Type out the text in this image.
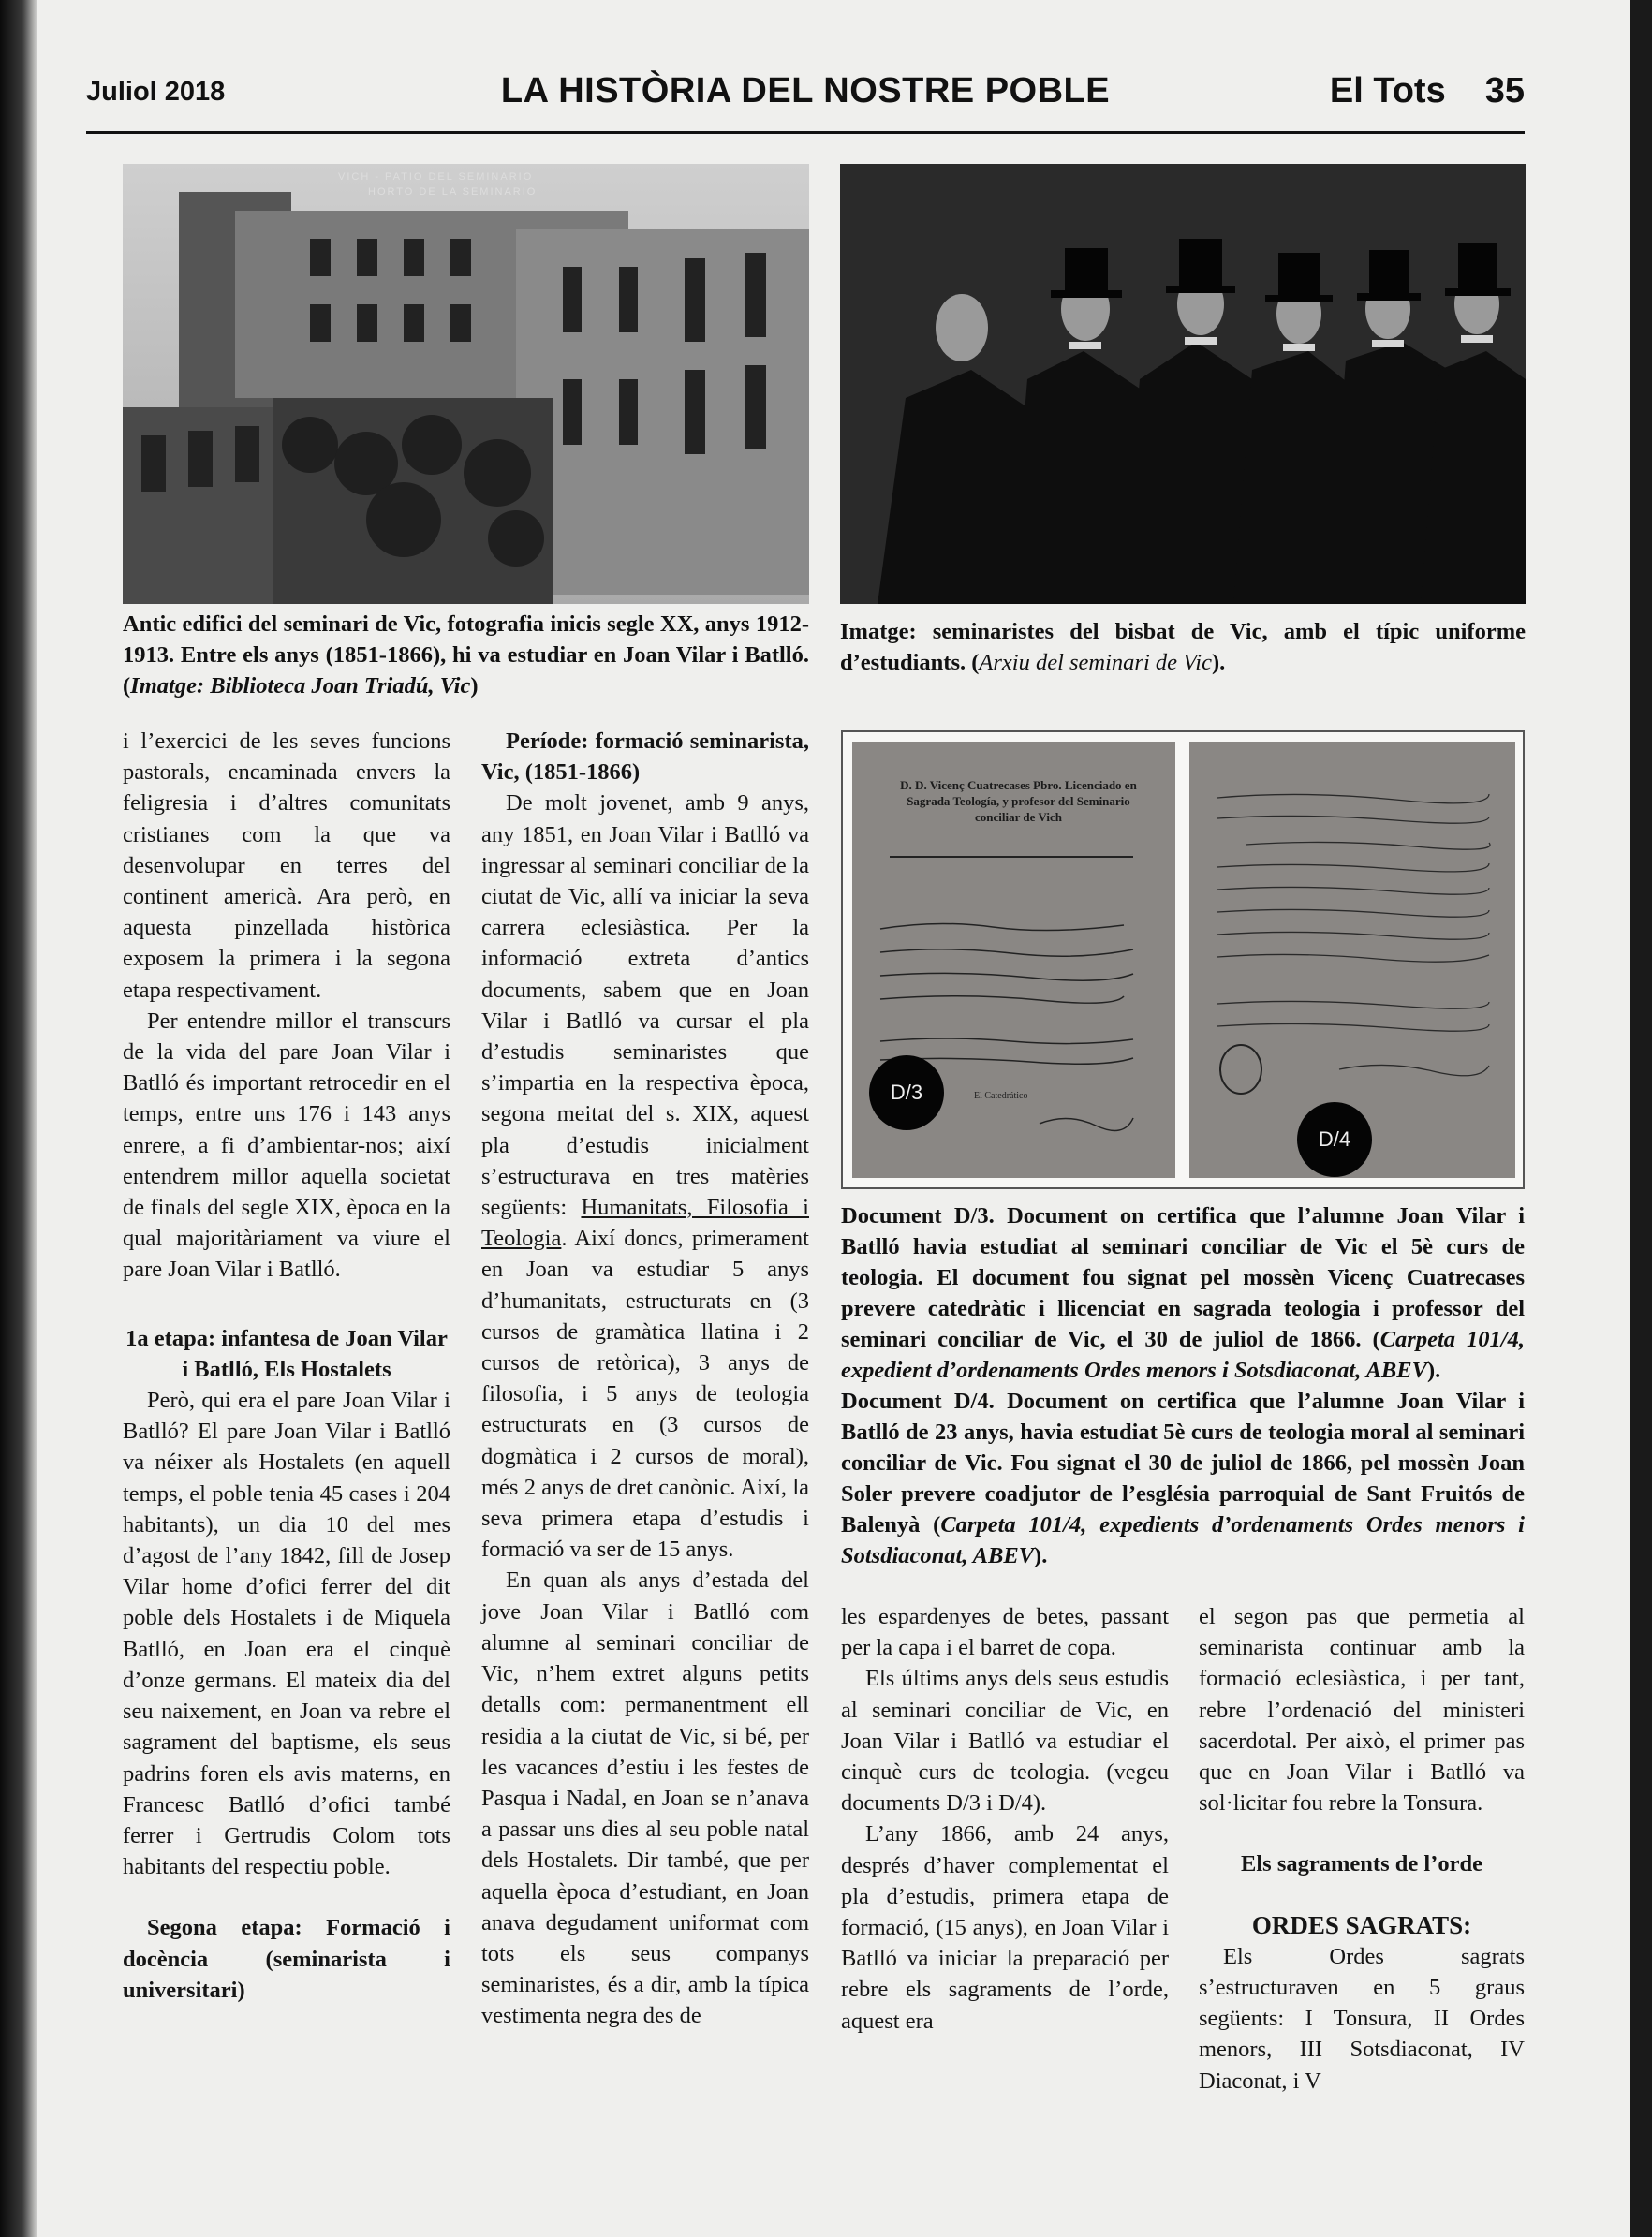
Juliol 2018	LA HISTÒRIA DEL NOSTRE POBLE	El Tots 35
VICH - PATIO DEL SEMINARIO
HORTO DE LA SEMINARIO
Antic edifici del seminari de Vic, fotografia inicis segle XX, anys 1912-1913. Entre els anys (1851-1866), hi va estudiar en Joan Vilar i Batlló. (Imatge: Biblioteca Joan Triadú, Vic)
Imatge: seminaristes del bisbat de Vic, amb el típic uniforme d’estudiants. (Arxiu del seminari de Vic).
D. D. Vicenç Cuatrecases Pbro. Licenciado en Sagrada Teología, y profesor del Seminario conciliar de Vich
El Catedrático
D/3
D/4
Document D/3. Document on certifica que l’alumne Joan Vilar i Batlló havia estudiat al seminari conciliar de Vic el 5è curs de teologia. El document fou signat pel mossèn Vicenç Cuatrecases prevere catedràtic i llicenciat en sagrada teologia i professor del seminari conciliar de Vic, el 30 de juliol de 1866. (Carpeta 101/4, expedient d’ordenaments Ordes menors i Sotsdiaconat, ABEV).
Document D/4. Document on certifica que l’alumne Joan Vilar i Batlló de 23 anys, havia estudiat 5è curs de teologia moral al seminari conciliar de Vic. Fou signat el 30 de juliol de 1866, pel mossèn Joan Soler prevere coadjutor de l’església parroquial de Sant Fruitós de Balenyà (Carpeta 101/4, expedients d’ordenaments Ordes menors i Sotsdiaconat, ABEV).

i l’exercici de les seves funcions pastorals, encaminada envers la feligresia i d’altres comunitats cristianes com la que va desenvolupar en terres del continent americà. Ara però, en aquesta pinzellada històrica exposem la primera i la segona etapa respectivament.

Per entendre millor el transcurs de la vida del pare Joan Vilar i Batlló és important retrocedir en el temps, entre uns 176 i 143 anys enrere, a fi d’ambientar-nos; així entendrem millor aquella societat de finals del segle XIX, època en la qual majoritàriament va viure el pare Joan Vilar i Batlló.

1a etapa: infantesa de Joan Vilar i Batlló, Els Hostalets

Però, qui era el pare Joan Vilar i Batlló? El pare Joan Vilar i Batlló va néixer als Hostalets (en aquell temps, el poble tenia 45 cases i 204 habitants), un dia 10 del mes d’agost de l’any 1842, fill de Josep Vilar home d’ofici ferrer del dit poble dels Hostalets i de Miquela Batlló, en Joan era el cinquè d’onze germans. El mateix dia del seu naixement, en Joan va rebre el sagrament del baptisme, els seus padrins foren els avis materns, en Francesc Batlló d’ofici també ferrer i Gertrudis Colom tots habitants del respectiu poble.

Segona etapa: Formació i docència (seminarista i universitari)
Període: formació seminarista, Vic, (1851-1866)

De molt jovenet, amb 9 anys, any 1851, en Joan Vilar i Batlló va ingressar al seminari conciliar de la ciutat de Vic, allí va iniciar la seva carrera eclesiàstica. Per la informació extreta d’antics documents, sabem que en Joan Vilar i Batlló va cursar el pla d’estudis seminaristes que s’impartia en la respectiva època, segona meitat del s. XIX, aquest pla d’estudis inicialment s’estructurava en tres matèries següents: Humanitats, Filosofia i Teologia. Així doncs, primerament en Joan va estudiar 5 anys d’humanitats, estructurats en (3 cursos de gramàtica llatina i 2 cursos de retòrica), 3 anys de filosofia, i 5 anys de teologia estructurats en (3 cursos de dogmàtica i 2 cursos de moral), més 2 anys de dret canònic. Així, la seva primera etapa d’estudis i formació va ser de 15 anys.

En quan als anys d’estada del jove Joan Vilar i Batlló com alumne al seminari conciliar de Vic, n’hem extret alguns petits detalls com: permanentment ell residia a la ciutat de Vic, si bé, per les vacances d’estiu i les festes de Pasqua i Nadal, en Joan se n’anava a passar uns dies al seu poble natal dels Hostalets. Dir també, que per aquella època d’estudiant, en Joan anava degudament uniformat com tots els seus companys seminaristes, és a dir, amb la típica vestimenta negra des de

les espardenyes de betes, passant per la capa i el barret de copa.

Els últims anys dels seus estudis al seminari conciliar de Vic, en Joan Vilar i Batlló va estudiar el cinquè curs de teologia. (vegeu documents D/3 i D/4).

L’any 1866, amb 24 anys, després d’haver complementat el pla d’estudis, primera etapa de formació, (15 anys), en Joan Vilar i Batlló va iniciar la preparació per rebre els sagraments de l’orde, aquest era

el segon pas que permetia al seminarista continuar amb la formació eclesiàstica, i per tant, rebre l’ordenació del ministeri sacerdotal. Per això, el primer pas que en Joan Vilar i Batlló va sol·licitar fou rebre la Tonsura.

Els sagraments de l’orde
ORDES SAGRATS:

Els Ordes sagrats s’estructuraven en 5 graus següents: I Tonsura, II Ordes menors, III Sotsdiaconat, IV Diaconat, i V
